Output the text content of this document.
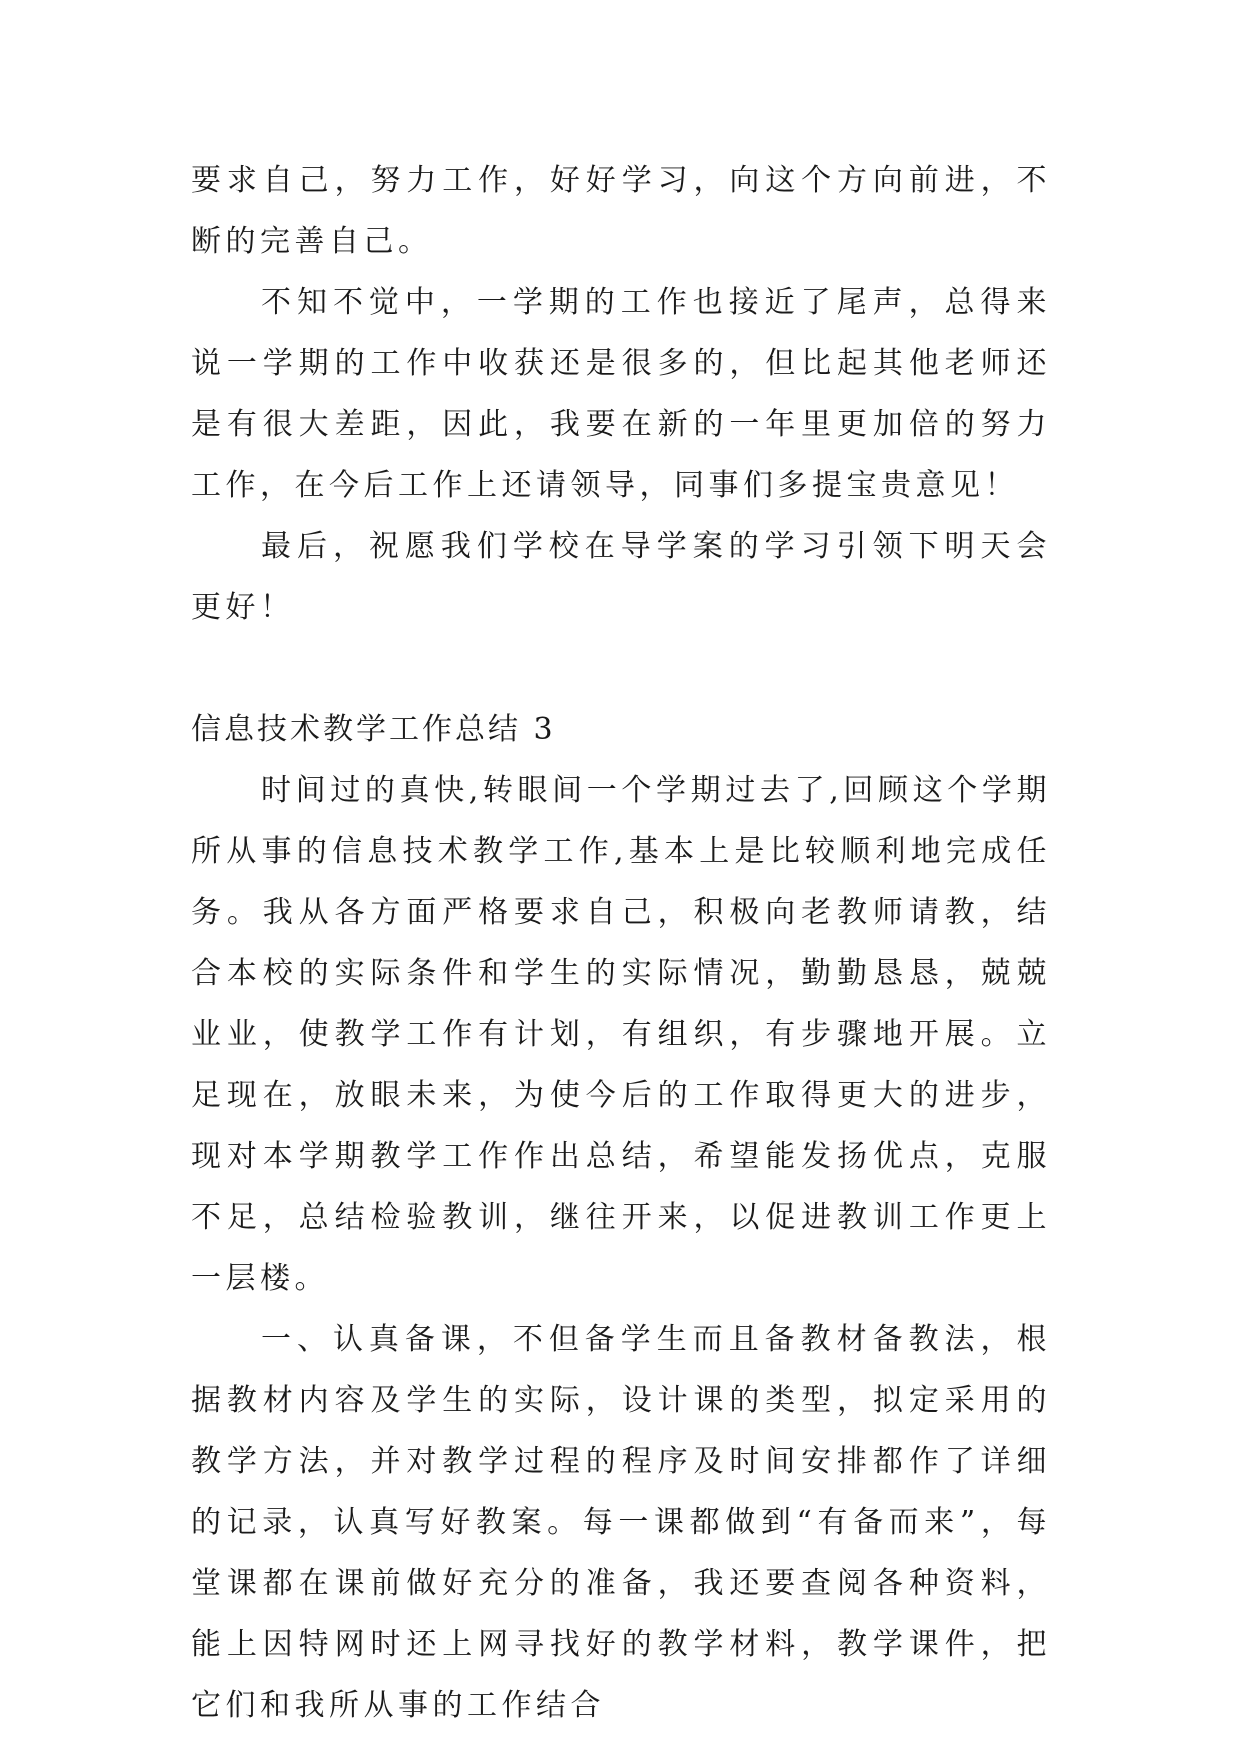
要求自己，努力工作，好好学习，向这个方向前进，不断的完善自己。

不知不觉中，一学期的工作也接近了尾声，总得来说一学期的工作中收获还是很多的，但比起其他老师还是有很大差距，因此，我要在新的一年里更加倍的努力工作，在今后工作上还请领导，同事们多提宝贵意见！

最后，祝愿我们学校在导学案的学习引领下明天会更好！

信息技术教学工作总结 3

时间过的真快,转眼间一个学期过去了,回顾这个学期所从事的信息技术教学工作,基本上是比较顺利地完成任务。我从各方面严格要求自己，积极向老教师请教，结合本校的实际条件和学生的实际情况，勤勤恳恳，兢兢业业，使教学工作有计划，有组织，有步骤地开展。立足现在，放眼未来，为使今后的工作取得更大的进步，现对本学期教学工作作出总结，希望能发扬优点，克服不足，总结检验教训，继往开来，以促进教训工作更上一层楼。

一、认真备课，不但备学生而且备教材备教法，根据教材内容及学生的实际，设计课的类型，拟定采用的教学方法，并对教学过程的程序及时间安排都作了详细的记录，认真写好教案。每一课都做到“有备而来”，每堂课都在课前做好充分的准备，我还要查阅各种资料，能上因特网时还上网寻找好的教学材料，教学课件，把它们和我所从事的工作结合
